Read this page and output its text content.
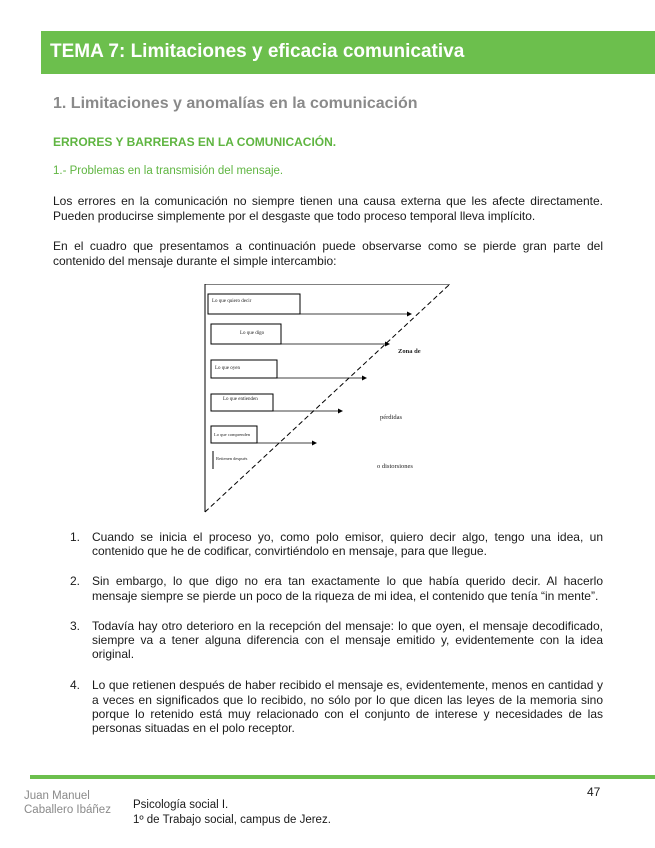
TEMA 7: Limitaciones y eficacia comunicativa
1. Limitaciones y anomalías en la comunicación
ERRORES Y BARRERAS EN LA COMUNICACIÓN.
1.- Problemas en la transmisión del mensaje.
Los errores en la comunicación no siempre tienen una causa externa que les afecte directamente. Pueden producirse simplemente por el desgaste que todo proceso temporal lleva implícito.
En el cuadro que presentamos a continuación puede observarse como se pierde gran parte del contenido del mensaje durante el simple intercambio:
Lo que quiero decir
Lo que digo
Lo que oyen
Lo que entienden
Lo que comprenden
Retienen después
Zona de
pérdidas
o distorsiones
1. Cuando se inicia el proceso yo, como polo emisor, quiero decir algo, tengo una idea, un contenido que he de codificar, convirtiéndolo en mensaje, para que llegue.
2. Sin embargo, lo que digo no era tan exactamente lo que había querido decir. Al hacerlo mensaje siempre se pierde un poco de la riqueza de mi idea, el contenido que tenía “in mente”.
3. Todavía hay otro deterioro en la recepción del mensaje: lo que oyen, el mensaje decodificado, siempre va a tener alguna diferencia con el mensaje emitido y, evidentemente con la idea original.
4. Lo que retienen después de haber recibido el mensaje es, evidentemente, menos en cantidad y a veces en significados que lo recibido, no sólo por lo que dicen las leyes de la memoria sino porque lo retenido está muy relacionado con el conjunto de interese y necesidades de las personas situadas en el polo receptor.
47
Juan Manuel Caballero Ibáñez Psicología social I.
1º de Trabajo social, campus de Jerez.
